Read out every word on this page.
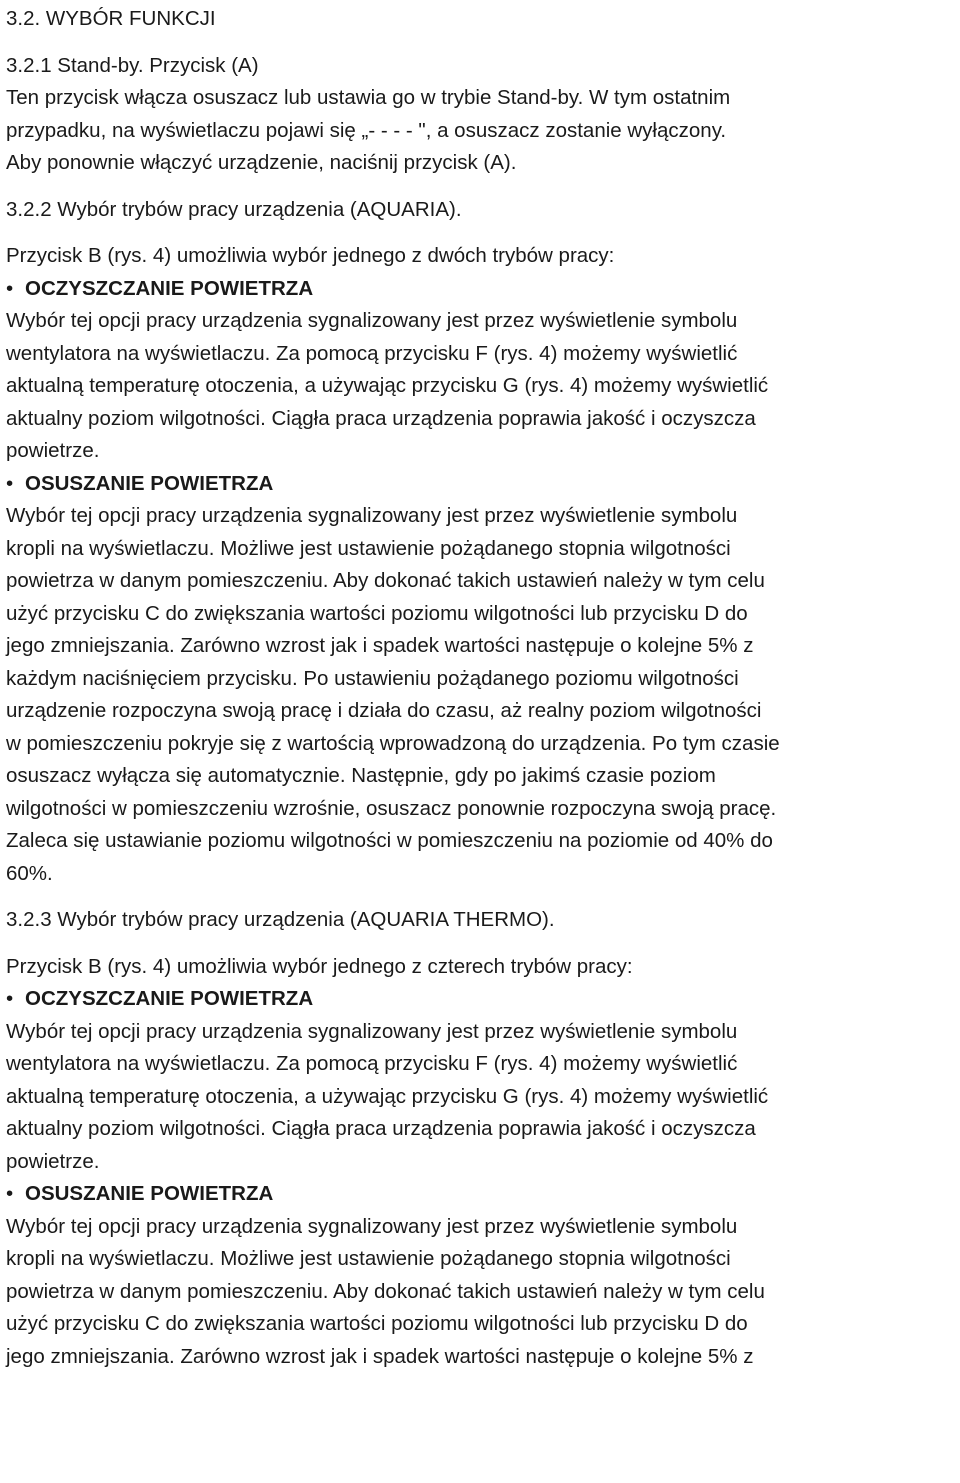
3.2. WYBÓR FUNKCJI
3.2.1 Stand-by. Przycisk (A)
Ten przycisk włącza osuszacz lub ustawia go w trybie Stand-by. W tym ostatnim
przypadku, na wyświetlaczu pojawi się „- - - - ", a osuszacz zostanie wyłączony.
Aby ponownie włączyć urządzenie, naciśnij przycisk (A).
3.2.2 Wybór trybów pracy urządzenia (AQUARIA).
Przycisk B (rys. 4) umożliwia wybór jednego z dwóch trybów pracy:
• OCZYSZCZANIE POWIETRZA
Wybór tej opcji pracy urządzenia sygnalizowany jest przez wyświetlenie symbolu
wentylatora na wyświetlaczu. Za pomocą przycisku F (rys. 4) możemy wyświetlić
aktualną temperaturę otoczenia, a używając przycisku G (rys. 4) możemy wyświetlić
aktualny poziom wilgotności. Ciągła praca urządzenia poprawia jakość i oczyszcza
powietrze.
• OSUSZANIE POWIETRZA
Wybór tej opcji pracy urządzenia sygnalizowany jest przez wyświetlenie symbolu
kropli na wyświetlaczu. Możliwe jest ustawienie pożądanego stopnia wilgotności
powietrza w danym pomieszczeniu. Aby dokonać takich ustawień należy w tym celu
użyć przycisku C do zwiększania wartości poziomu wilgotności lub przycisku D do
jego zmniejszania. Zarówno wzrost jak i spadek wartości następuje o kolejne 5% z
każdym naciśnięciem przycisku. Po ustawieniu pożądanego poziomu wilgotności
urządzenie rozpoczyna swoją pracę i działa do czasu, aż realny poziom wilgotności
w pomieszczeniu pokryje się z wartością wprowadzoną do urządzenia. Po tym czasie
osuszacz wyłącza się automatycznie. Następnie, gdy po jakimś czasie poziom
wilgotności w pomieszczeniu wzrośnie, osuszacz ponownie rozpoczyna swoją pracę.
Zaleca się ustawianie poziomu wilgotności w pomieszczeniu na poziomie od 40% do
60%.
3.2.3 Wybór trybów pracy urządzenia (AQUARIA THERMO).
Przycisk B (rys. 4) umożliwia wybór jednego z czterech trybów pracy:
• OCZYSZCZANIE POWIETRZA
Wybór tej opcji pracy urządzenia sygnalizowany jest przez wyświetlenie symbolu
wentylatora na wyświetlaczu. Za pomocą przycisku F (rys. 4) możemy wyświetlić
aktualną temperaturę otoczenia, a używając przycisku G (rys. 4) możemy wyświetlić
aktualny poziom wilgotności. Ciągła praca urządzenia poprawia jakość i oczyszcza
powietrze.
• OSUSZANIE POWIETRZA
Wybór tej opcji pracy urządzenia sygnalizowany jest przez wyświetlenie symbolu
kropli na wyświetlaczu. Możliwe jest ustawienie pożądanego stopnia wilgotności
powietrza w danym pomieszczeniu. Aby dokonać takich ustawień należy w tym celu
użyć przycisku C do zwiększania wartości poziomu wilgotności lub przycisku D do
jego zmniejszania. Zarówno wzrost jak i spadek wartości następuje o kolejne 5% z
